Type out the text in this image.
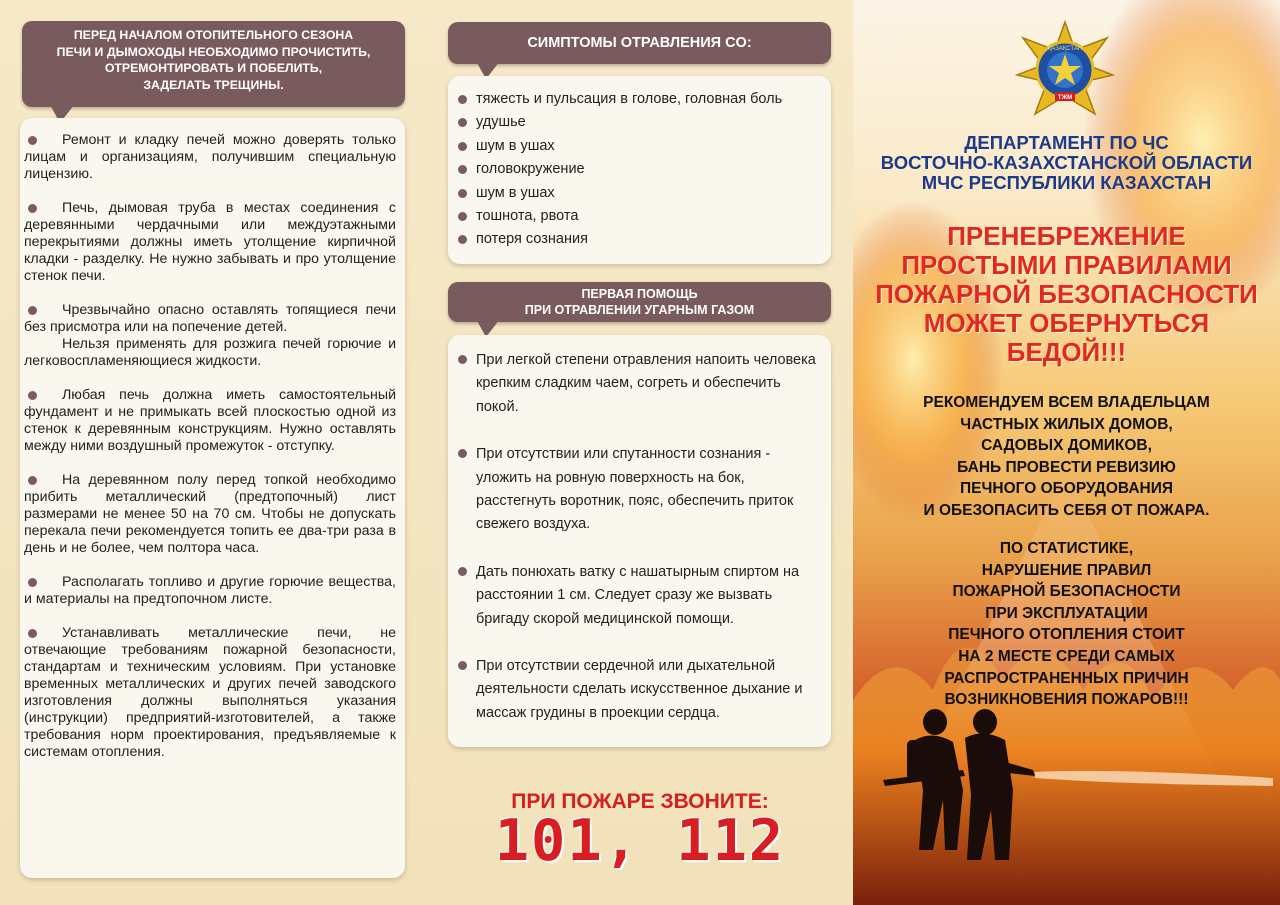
ПЕРЕД НАЧАЛОМ ОТОПИТЕЛЬНОГО СЕЗОНА
ПЕЧИ И ДЫМОХОДЫ НЕОБХОДИМО ПРОЧИСТИТЬ,
ОТРЕМОНТИРОВАТЬ И ПОБЕЛИТЬ,
ЗАДЕЛАТЬ ТРЕЩИНЫ.
Ремонт и кладку печей можно доверять только лицам и организациям, получившим специальную лицензию.
Печь, дымовая труба в местах соединения с деревянными чердачными или междуэтажными перекрытиями должны иметь утолщение кирпичной кладки - разделку. Не нужно забывать и про утолщение стенок печи.
Чрезвычайно опасно оставлять топящиеся печи без присмотра или на попечение детей.
Нельзя применять для розжига печей горючие и легковоспламеняющиеся жидкости.
Любая печь должна иметь самостоятельный фундамент и не примыкать всей плоскостью одной из стенок к деревянным конструкциям. Нужно оставлять между ними воздушный промежуток - отступку.
На деревянном полу перед топкой необходимо прибить металлический (предтопочный) лист размерами не менее 50 на 70 см. Чтобы не допускать перекала печи рекомендуется топить ее два-три раза в день и не более, чем полтора часа.
Располагать топливо и другие горючие вещества, и материалы на предтопочном листе.
Устанавливать металлические печи, не отвечающие требованиям пожарной безопасности, стандартам и техническим условиям. При установке временных металлических и других печей заводского изготовления должны выполняться указания (инструкции) предприятий-изготовителей, а также требования норм проектирования, предъявляемые к системам отопления.
СИМПТОМЫ ОТРАВЛЕНИЯ CO:
тяжесть и пульсация в голове, головная боль
удушье
шум в ушах
головокружение
шум в ушах
тошнота, рвота
потеря сознания
ПЕРВАЯ ПОМОЩЬ
ПРИ ОТРАВЛЕНИИ УГАРНЫМ ГАЗОМ
При легкой степени отравления напоить человека крепким сладким чаем, согреть и обеспечить покой.
При отсутствии или спутанности сознания - уложить на ровную поверхность на бок, расстегнуть воротник, пояс, обеспечить приток свежего воздуха.
Дать понюхать ватку с нашатырным спиртом на расстоянии 1 см. Следует сразу же вызвать бригаду скорой медицинской помощи.
При отсутствии сердечной или дыхательной деятельности сделать искусственное дыхание и массаж грудины в проекции сердца.
ПРИ ПОЖАРЕ ЗВОНИТЕ:
101, 112
ҚАЗАҚСТАН
ТЖМ
ДЕПАРТАМЕНТ ПО ЧС
ВОСТОЧНО-КАЗАХСТАНСКОЙ ОБЛАСТИ
МЧС РЕСПУБЛИКИ КАЗАХСТАН
ПРЕНЕБРЕЖЕНИЕ
ПРОСТЫМИ ПРАВИЛАМИ
ПОЖАРНОЙ БЕЗОПАСНОСТИ
МОЖЕТ ОБЕРНУТЬСЯ
БЕДОЙ!!!
РЕКОМЕНДУЕМ ВСЕМ ВЛАДЕЛЬЦАМ
ЧАСТНЫХ ЖИЛЫХ ДОМОВ,
САДОВЫХ ДОМИКОВ,
БАНЬ ПРОВЕСТИ РЕВИЗИЮ
ПЕЧНОГО ОБОРУДОВАНИЯ
И ОБЕЗОПАСИТЬ СЕБЯ ОТ ПОЖАРА.
ПО СТАТИСТИКЕ,
НАРУШЕНИЕ ПРАВИЛ
ПОЖАРНОЙ БЕЗОПАСНОСТИ
ПРИ ЭКСПЛУАТАЦИИ
ПЕЧНОГО ОТОПЛЕНИЯ СТОИТ
НА 2 МЕСТЕ СРЕДИ САМЫХ
РАСПРОСТРАНЕННЫХ ПРИЧИН
ВОЗНИКНОВЕНИЯ ПОЖАРОВ!!!
